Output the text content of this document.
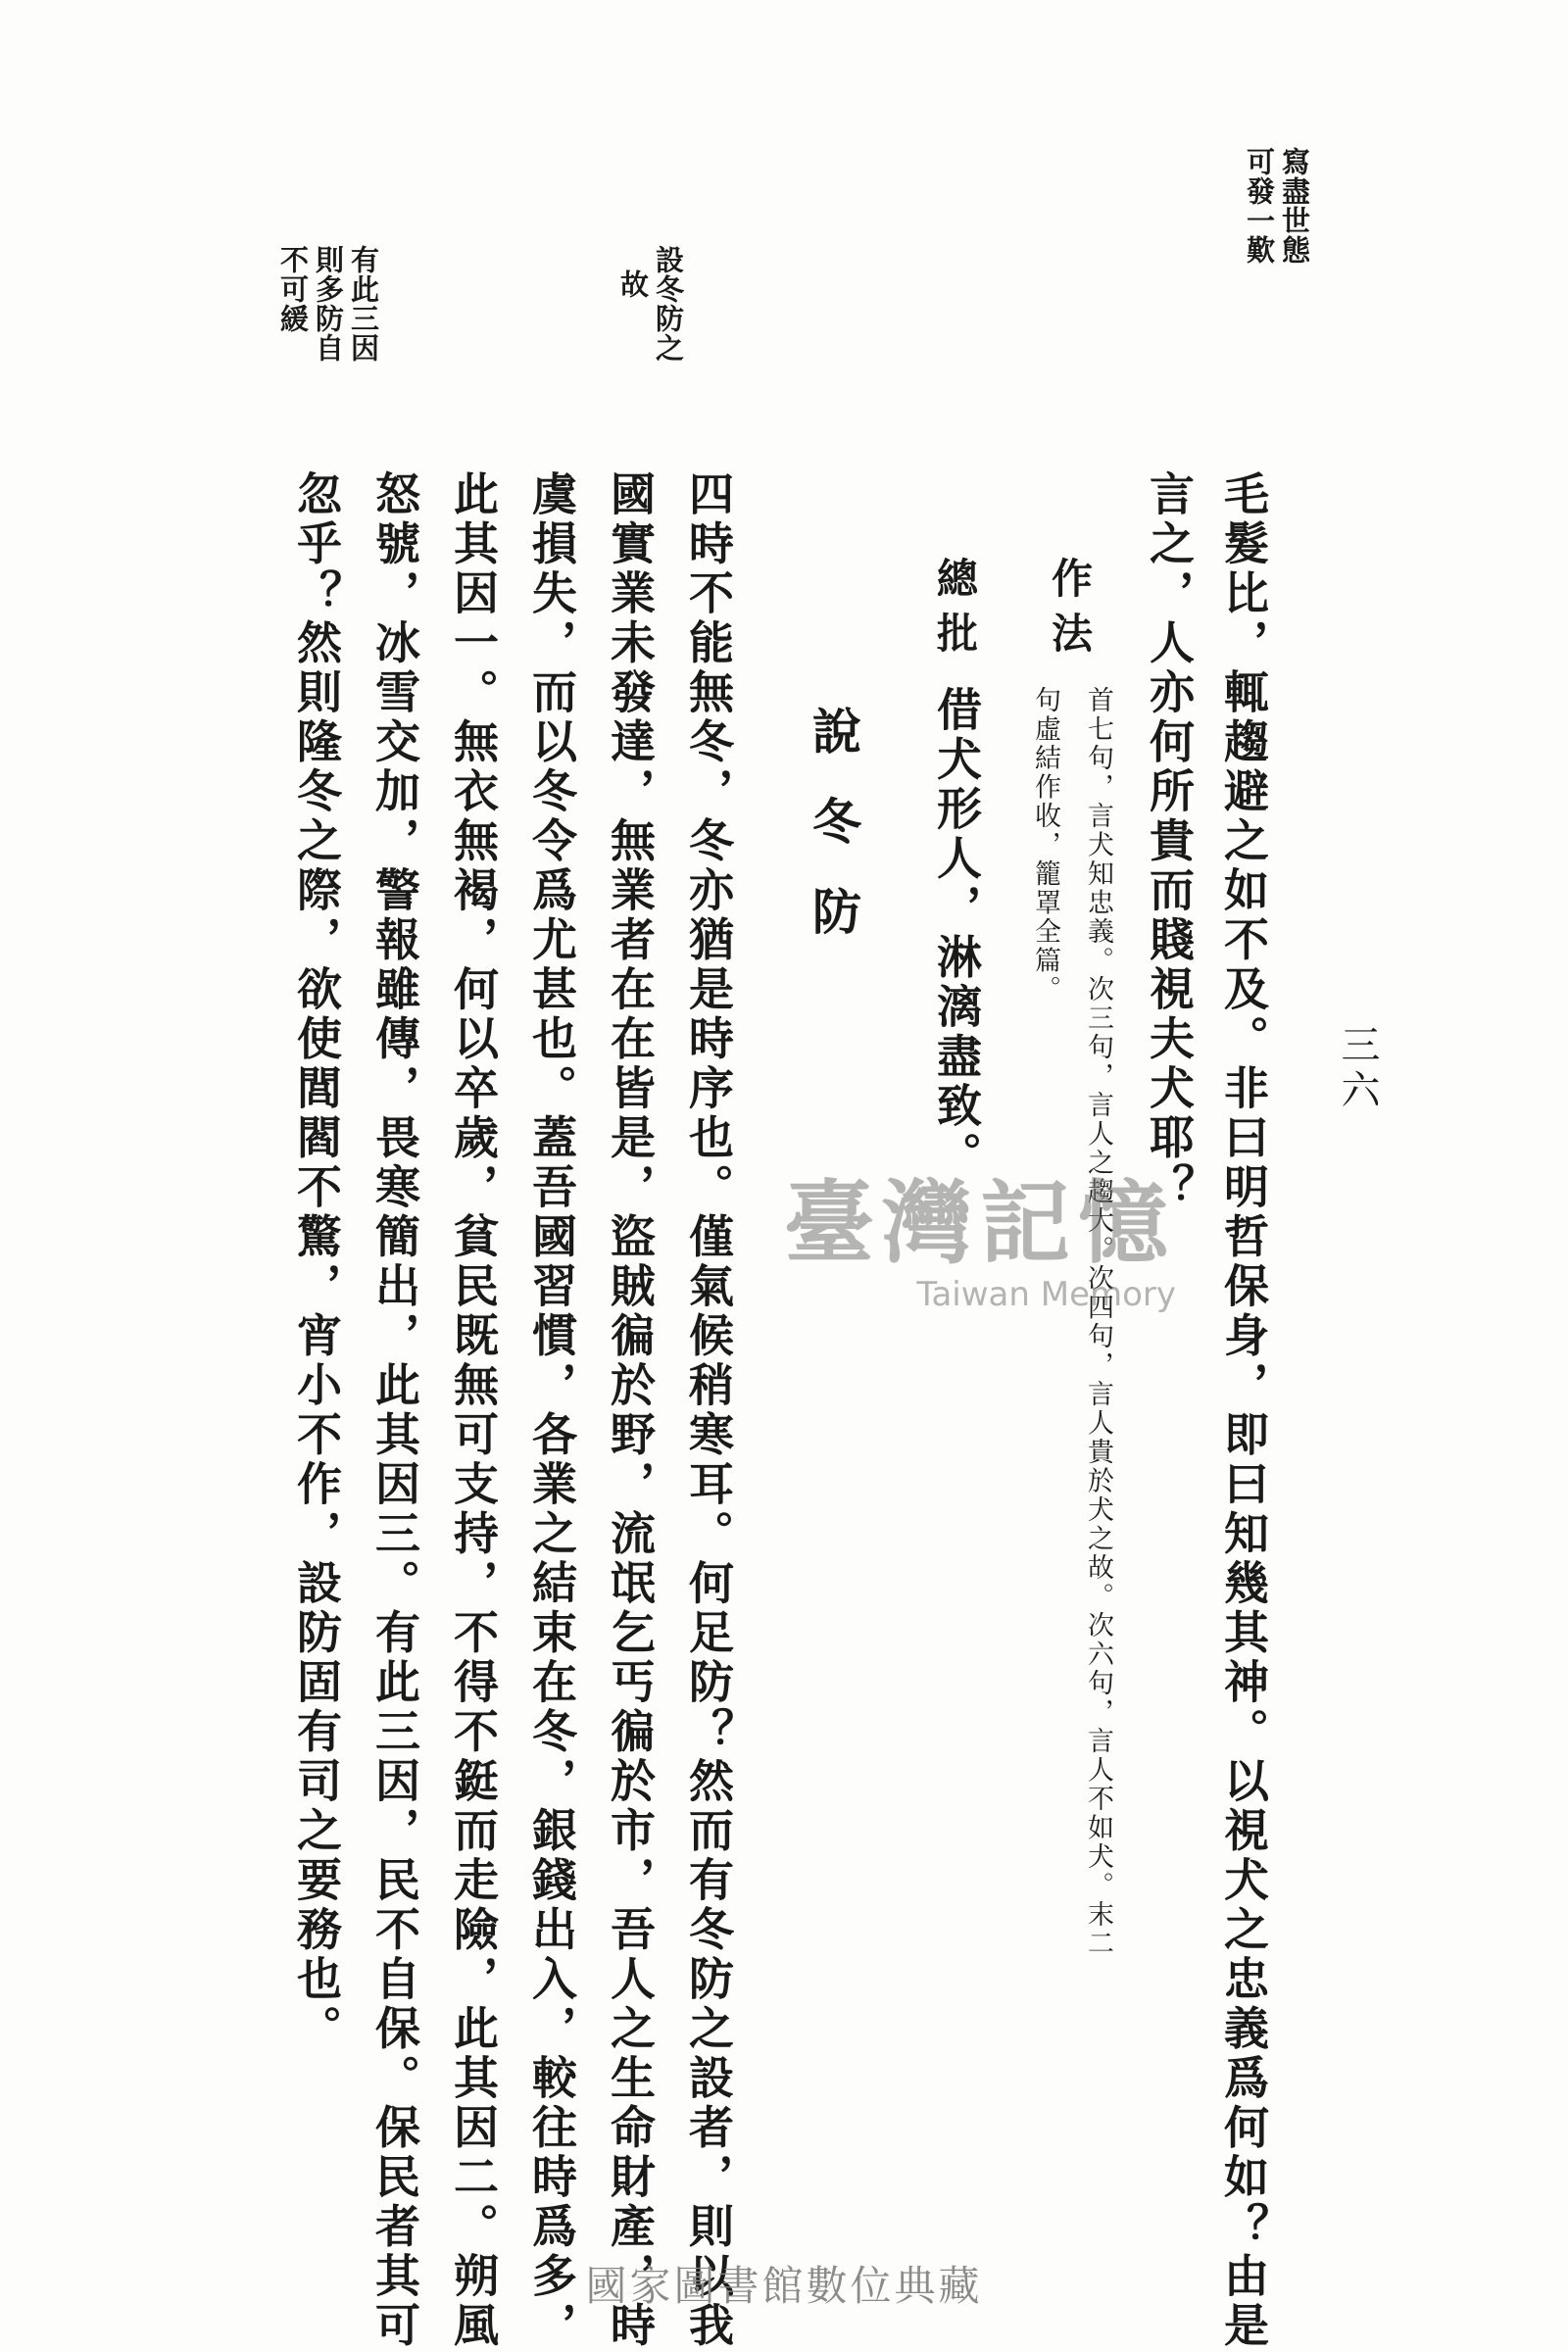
三六
寫盡世態
可發一歎
設冬防之
故
有此三因
則多防自
不可緩
毛髮比，輒趨避之如不及。非曰明哲保身，即曰知幾其神。以視犬之忠義爲何如？由是
言之，人亦何所貴而賤視夫犬耶？
作法
首七句，言犬知忠義。次三句，言人之趨大。次四句，言人貴於犬之故。次六句，言人不如犬。末二
句虛結作收，籠罩全篇。
總批
借犬形人，淋漓盡致。
說冬防
四時不能無冬，冬亦猶是時序也。僅氣候稍寒耳。何足防？然而有冬防之設者，則以我
國實業未發達，無業者在在皆是，盜賊徧於野，流氓乞丐徧於市，吾人之生命財產，時
虞損失，而以冬令爲尤甚也。蓋吾國習慣，各業之結束在冬，銀錢出入，較往時爲多，
此其因一。無衣無褐，何以卒歲，貧民既無可支持，不得不鋌而走險，此其因二。朔風
怒號，冰雪交加，警報雖傳，畏寒簡出，此其因三。有此三因，民不自保。保民者其可
忽乎？然則隆冬之際，欲使閭閻不驚，宵小不作，設防固有司之要務也。	臺灣記憶
Taiwan Memory
國家圖書館數位典藏
